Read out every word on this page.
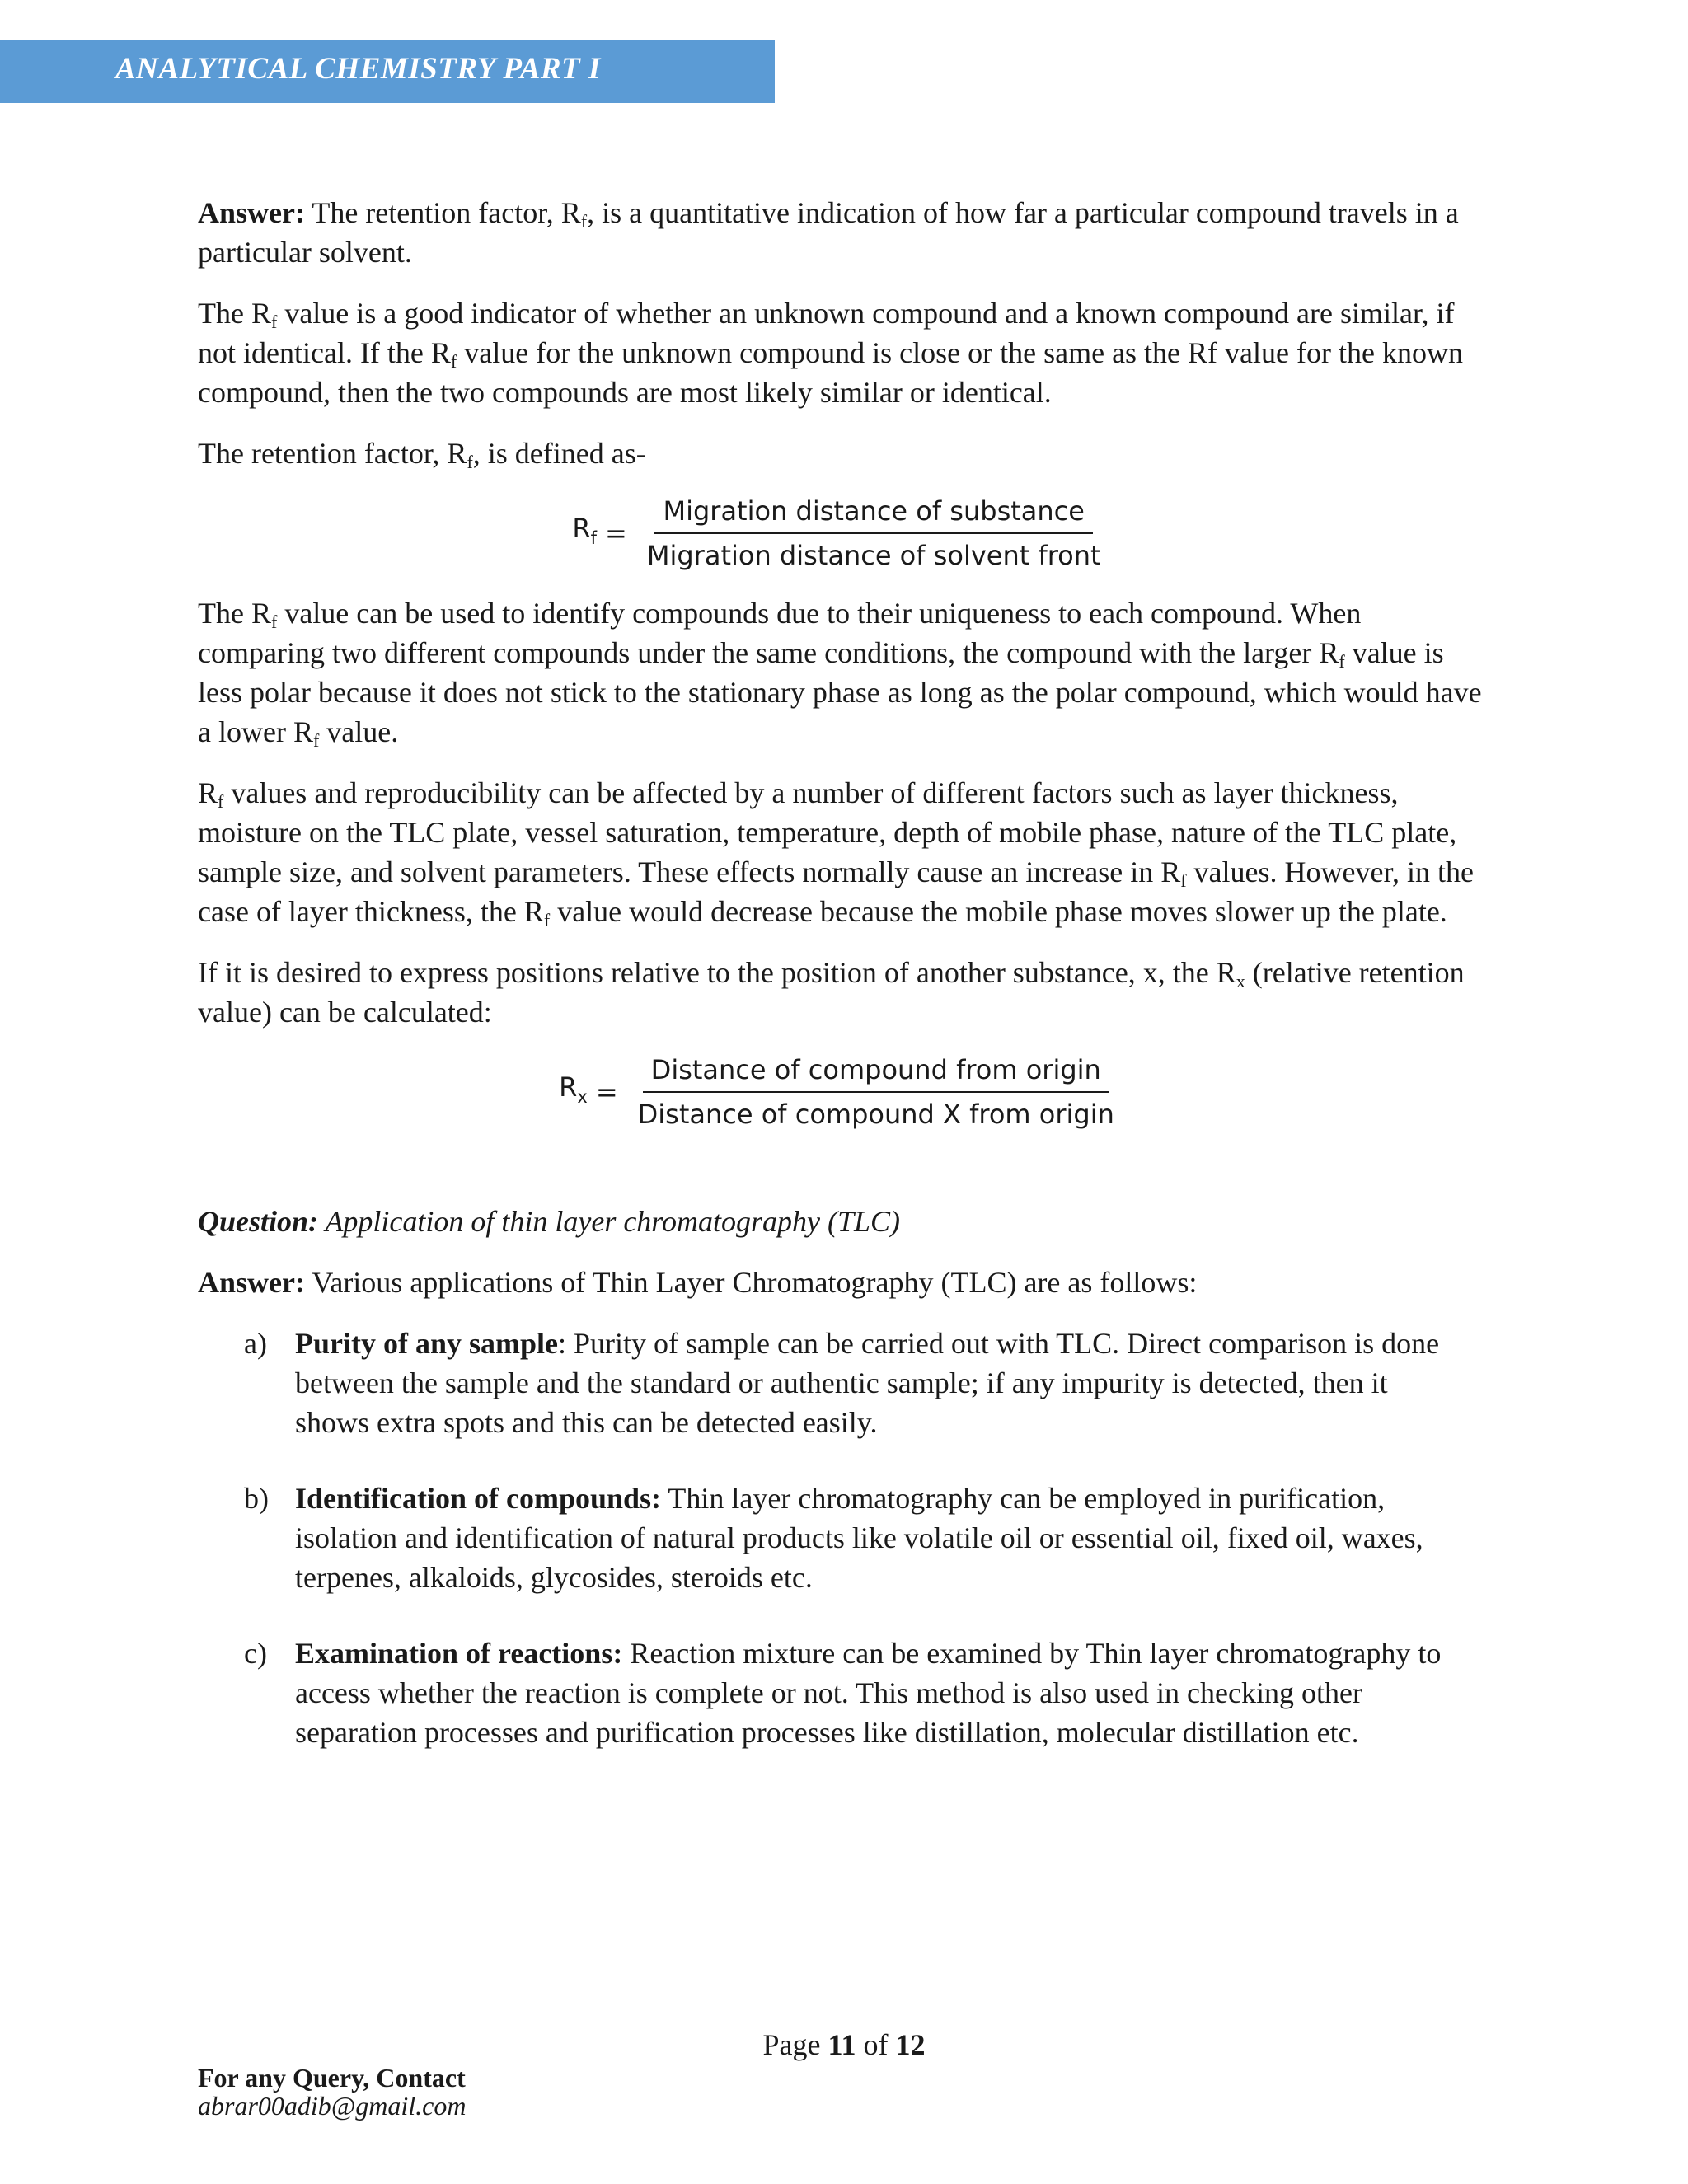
ANALYTICAL CHEMISTRY PART I

Answer: The retention factor, $R_f$, is a quantitative indication of how far a particular compound travels in a particular solvent.

The $R_f$ value is a good indicator of whether an unknown compound and a known compound are similar, if not identical. If the $R_f$ value for the unknown compound is close or the same as the Rf value for the known compound, then the two compounds are most likely similar or identical.

The retention factor, $R_f$, is defined as-

$R_f = \frac{\text{Migration distance of substance}}{\text{Migration distance of solvent front}}$

The $R_f$ value can be used to identify compounds due to their uniqueness to each compound. When comparing two different compounds under the same conditions, the compound with the larger $R_f$ value is less polar because it does not stick to the stationary phase as long as the polar compound, which would have a lower $R_f$ value.

$R_f$ values and reproducibility can be affected by a number of different factors such as layer thickness, moisture on the TLC plate, vessel saturation, temperature, depth of mobile phase, nature of the TLC plate, sample size, and solvent parameters. These effects normally cause an increase in $R_f$ values. However, in the case of layer thickness, the $R_f$ value would decrease because the mobile phase moves slower up the plate.

If it is desired to express positions relative to the position of another substance, x, the $R_x$ (relative retention value) can be calculated:

$R_x = \frac{\text{Distance of compound from origin}}{\text{Distance of compound X from origin}}$

Question: Application of thin layer chromatography (TLC)

Answer: Various applications of Thin Layer Chromatography (TLC) are as follows:

a) Purity of any sample: Purity of sample can be carried out with TLC. Direct comparison is done between the sample and the standard or authentic sample; if any impurity is detected, then it shows extra spots and this can be detected easily.
b) Identification of compounds: Thin layer chromatography can be employed in purification, isolation and identification of natural products like volatile oil or essential oil, fixed oil, waxes, terpenes, alkaloids, glycosides, steroids etc.
c) Examination of reactions: Reaction mixture can be examined by Thin layer chromatography to access whether the reaction is complete or not. This method is also used in checking other separation processes and purification processes like distillation, molecular distillation etc.
Page 11 of 12
For any Query, Contact
abrar00adib@gmail.com
